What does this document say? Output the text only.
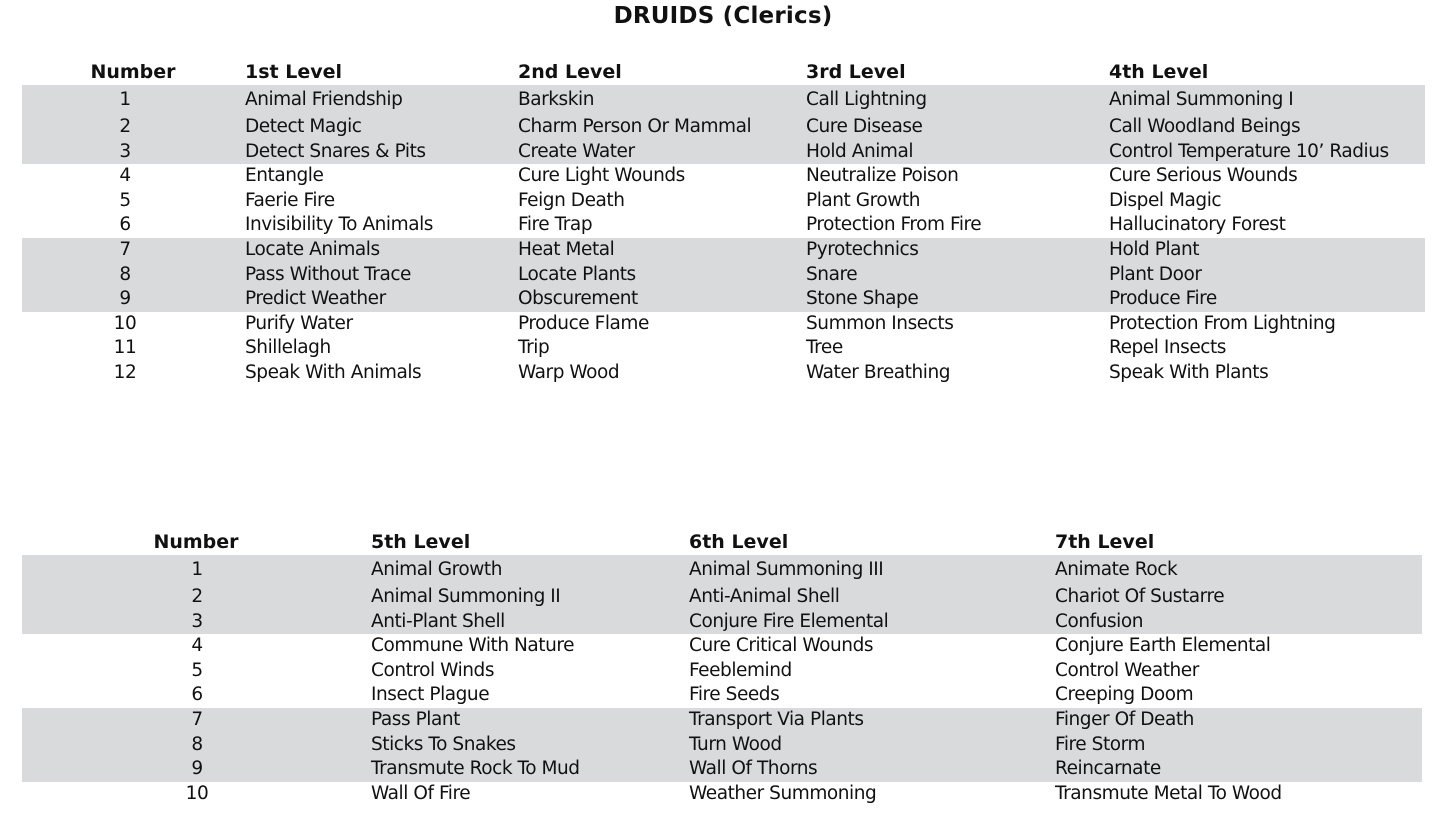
DRUIDS (Clerics)
Number	1st Level	2nd Level	3rd Level	4th Level
1	Animal Friendship	Barkskin	Call Lightning	Animal Summoning I
2	Detect Magic	Charm Person Or Mammal	Cure Disease	Call Woodland Beings
3	Detect Snares & Pits	Create Water	Hold Animal	Control Temperature 10’ Radius
4	Entangle	Cure Light Wounds	Neutralize Poison	Cure Serious Wounds
5	Faerie Fire	Feign Death	Plant Growth	Dispel Magic
6	Invisibility To Animals	Fire Trap	Protection From Fire	Hallucinatory Forest
7	Locate Animals	Heat Metal	Pyrotechnics	Hold Plant
8	Pass Without Trace	Locate Plants	Snare	Plant Door
9	Predict Weather	Obscurement	Stone Shape	Produce Fire
10	Purify Water	Produce Flame	Summon Insects	Protection From Lightning
11	Shillelagh	Trip	Tree	Repel Insects
12	Speak With Animals	Warp Wood	Water Breathing	Speak With Plants
Number	5th Level	6th Level	7th Level
1	Animal Growth	Animal Summoning III	Animate Rock
2	Animal Summoning II	Anti-Animal Shell	Chariot Of Sustarre
3	Anti-Plant Shell	Conjure Fire Elemental	Confusion
4	Commune With Nature	Cure Critical Wounds	Conjure Earth Elemental
5	Control Winds	Feeblemind	Control Weather
6	Insect Plague	Fire Seeds	Creeping Doom
7	Pass Plant	Transport Via Plants	Finger Of Death
8	Sticks To Snakes	Turn Wood	Fire Storm
9	Transmute Rock To Mud	Wall Of Thorns	Reincarnate
10	Wall Of Fire	Weather Summoning	Transmute Metal To Wood
